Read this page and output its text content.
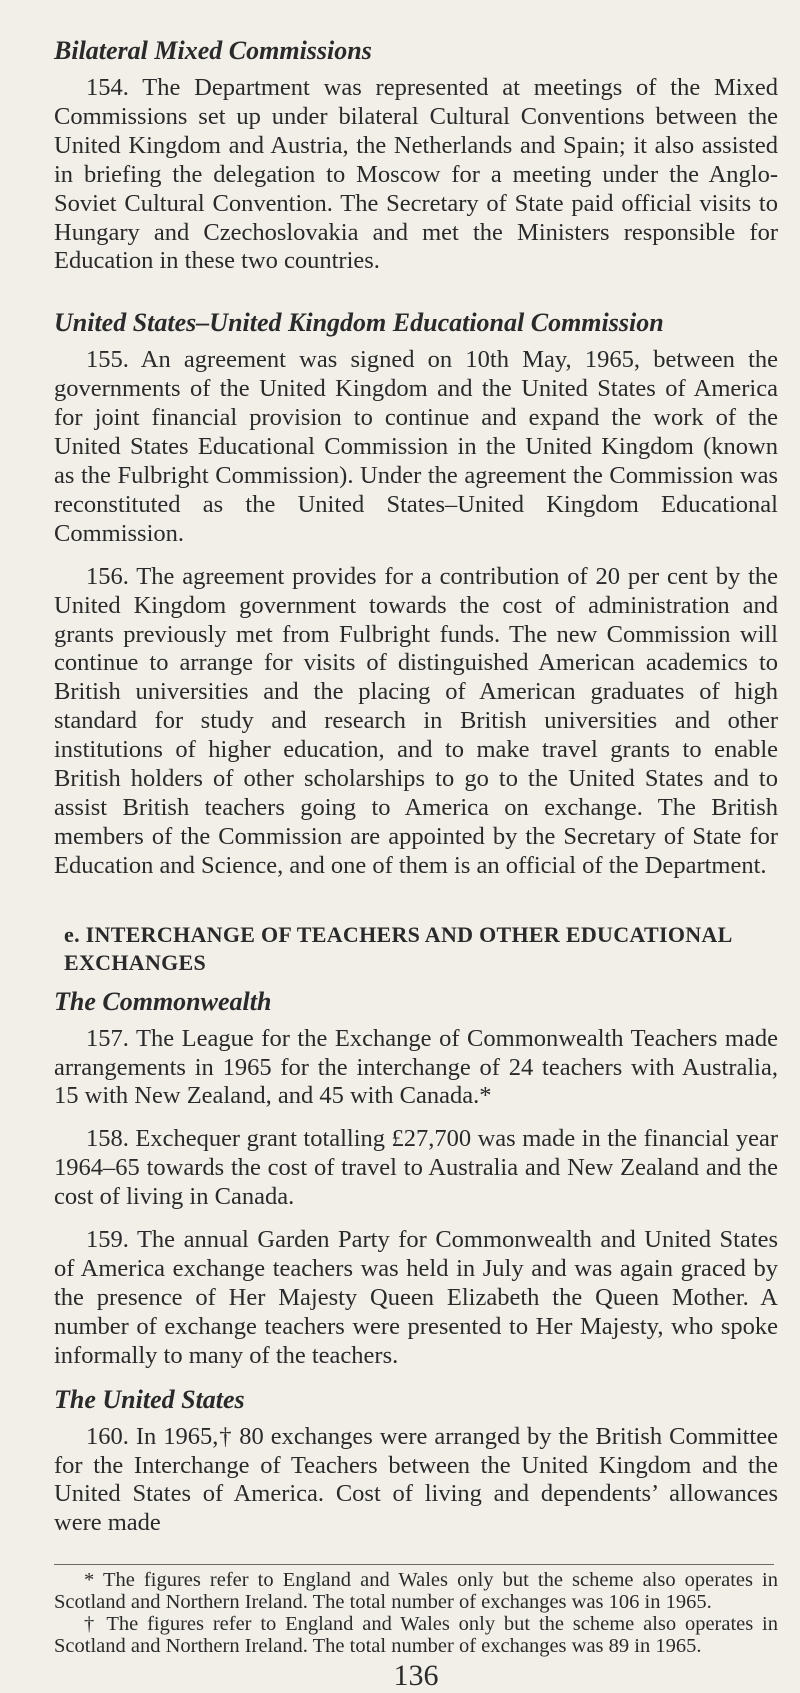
Bilateral Mixed Commissions

154. The Department was represented at meetings of the Mixed Commissions set up under bilateral Cultural Conventions between the United Kingdom and Austria, the Netherlands and Spain; it also assisted in briefing the delegation to Moscow for a meeting under the Anglo-Soviet Cultural Convention. The Secretary of State paid official visits to Hungary and Czechoslovakia and met the Ministers responsible for Education in these two countries.

United States–United Kingdom Educational Commission

155. An agreement was signed on 10th May, 1965, between the governments of the United Kingdom and the United States of America for joint financial provision to continue and expand the work of the United States Educational Commission in the United Kingdom (known as the Fulbright Commission). Under the agreement the Commission was reconstituted as the United States–United Kingdom Educational Commission.

156. The agreement provides for a contribution of 20 per cent by the United Kingdom government towards the cost of administration and grants previously met from Fulbright funds. The new Commission will continue to arrange for visits of distinguished American academics to British universities and the placing of American graduates of high standard for study and research in British universities and other institutions of higher education, and to make travel grants to enable British holders of other scholarships to go to the United States and to assist British teachers going to America on exchange. The British members of the Commission are appointed by the Secretary of State for Education and Science, and one of them is an official of the Department.

e. INTERCHANGE OF TEACHERS AND OTHER EDUCATIONAL EXCHANGES
The Commonwealth

157. The League for the Exchange of Commonwealth Teachers made arrangements in 1965 for the interchange of 24 teachers with Australia, 15 with New Zealand, and 45 with Canada.*

158. Exchequer grant totalling £27,700 was made in the financial year 1964–65 towards the cost of travel to Australia and New Zealand and the cost of living in Canada.

159. The annual Garden Party for Commonwealth and United States of America exchange teachers was held in July and was again graced by the presence of Her Majesty Queen Elizabeth the Queen Mother. A number of exchange teachers were presented to Her Majesty, who spoke informally to many of the teachers.

The United States

160. In 1965,† 80 exchanges were arranged by the British Committee for the Interchange of Teachers between the United Kingdom and the United States of America. Cost of living and dependents’ allowances were made

* The figures refer to England and Wales only but the scheme also operates in Scotland and Northern Ireland. The total number of exchanges was 106 in 1965.

† The figures refer to England and Wales only but the scheme also operates in Scotland and Northern Ireland. The total number of exchanges was 89 in 1965.

136
